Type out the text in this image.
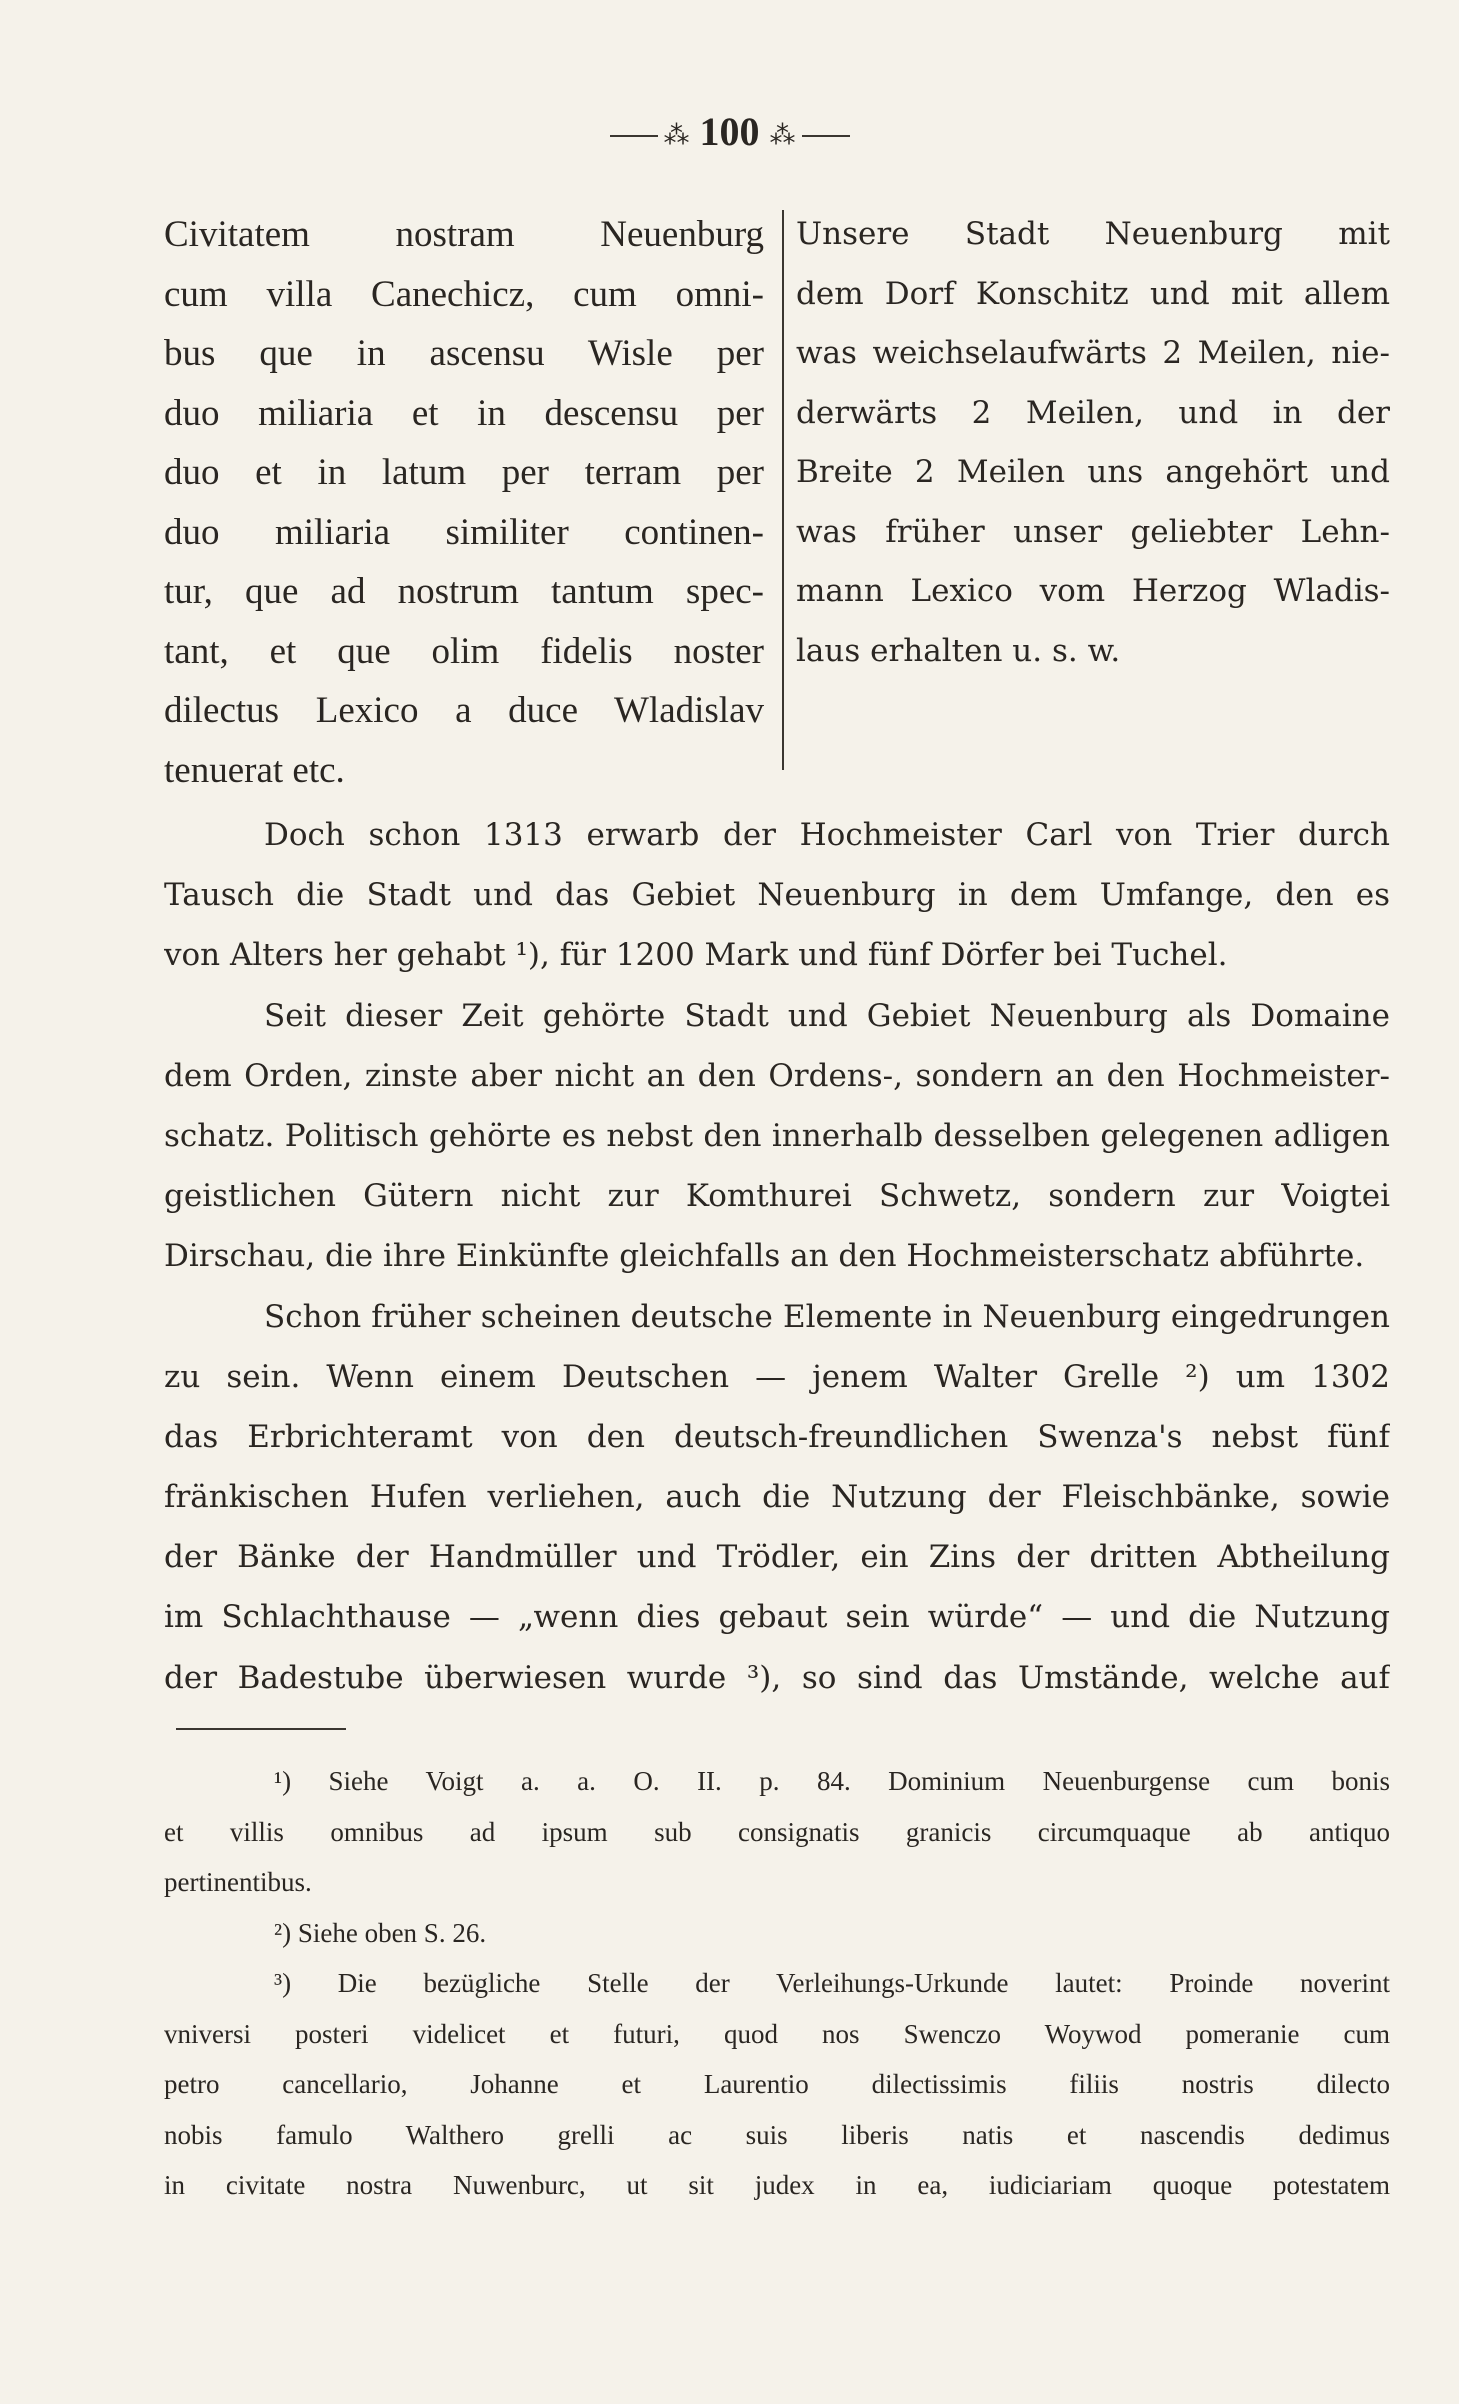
⁂ 100 ⁂
Civitatem nostram Neuenburg
cum villa Canechicz, cum omni-
bus que in ascensu Wisle per
duo miliaria et in descensu per
duo et in latum per terram per
duo miliaria similiter continen-
tur, que ad nostrum tantum spec-
tant, et que olim fidelis noster
dilectus Lexico a duce Wladislav
tenuerat etc.
Unsere Stadt Neuenburg mit
dem Dorf Konschitz und mit allem
was weichselaufwärts 2 Meilen, nie-
derwärts 2 Meilen, und in der
Breite 2 Meilen uns angehört und
was früher unser geliebter Lehn-
mann Lexico vom Herzog Wladis-
laus erhalten u. s. w.
Doch schon 1313 erwarb der Hochmeister Carl von Trier durch
Tausch die Stadt und das Gebiet Neuenburg in dem Umfange, den es
von Alters her gehabt ¹), für 1200 Mark und fünf Dörfer bei Tuchel.
Seit dieser Zeit gehörte Stadt und Gebiet Neuenburg als Domaine
dem Orden, zinste aber nicht an den Ordens-, sondern an den Hochmeister-
schatz. Politisch gehörte es nebst den innerhalb desselben gelegenen adligen
geistlichen Gütern nicht zur Komthurei Schwetz, sondern zur Voigtei
Dirschau, die ihre Einkünfte gleichfalls an den Hochmeisterschatz abführte.
Schon früher scheinen deutsche Elemente in Neuenburg eingedrungen
zu sein. Wenn einem Deutschen — jenem Walter Grelle ²) um 1302
das Erbrichteramt von den deutsch-freundlichen Swenza's nebst fünf
fränkischen Hufen verliehen, auch die Nutzung der Fleischbänke, sowie
der Bänke der Handmüller und Trödler, ein Zins der dritten Abtheilung
im Schlachthause — „wenn dies gebaut sein würde“ — und die Nutzung
der Badestube überwiesen wurde ³), so sind das Umstände, welche auf
¹) Siehe Voigt a. a. O. II. p. 84. Dominium Neuenburgense cum bonis
et villis omnibus ad ipsum sub consignatis granicis circumquaque ab antiquo
pertinentibus.
²) Siehe oben S. 26.
³) Die bezügliche Stelle der Verleihungs-Urkunde lautet: Proinde noverint
vniversi posteri videlicet et futuri, quod nos Swenczo Woywod pomeranie cum
petro cancellario, Johanne et Laurentio dilectissimis filiis nostris dilecto
nobis famulo Walthero grelli ac suis liberis natis et nascendis dedimus
in civitate nostra Nuwenburc, ut sit judex in ea, iudiciariam quoque potestatem
